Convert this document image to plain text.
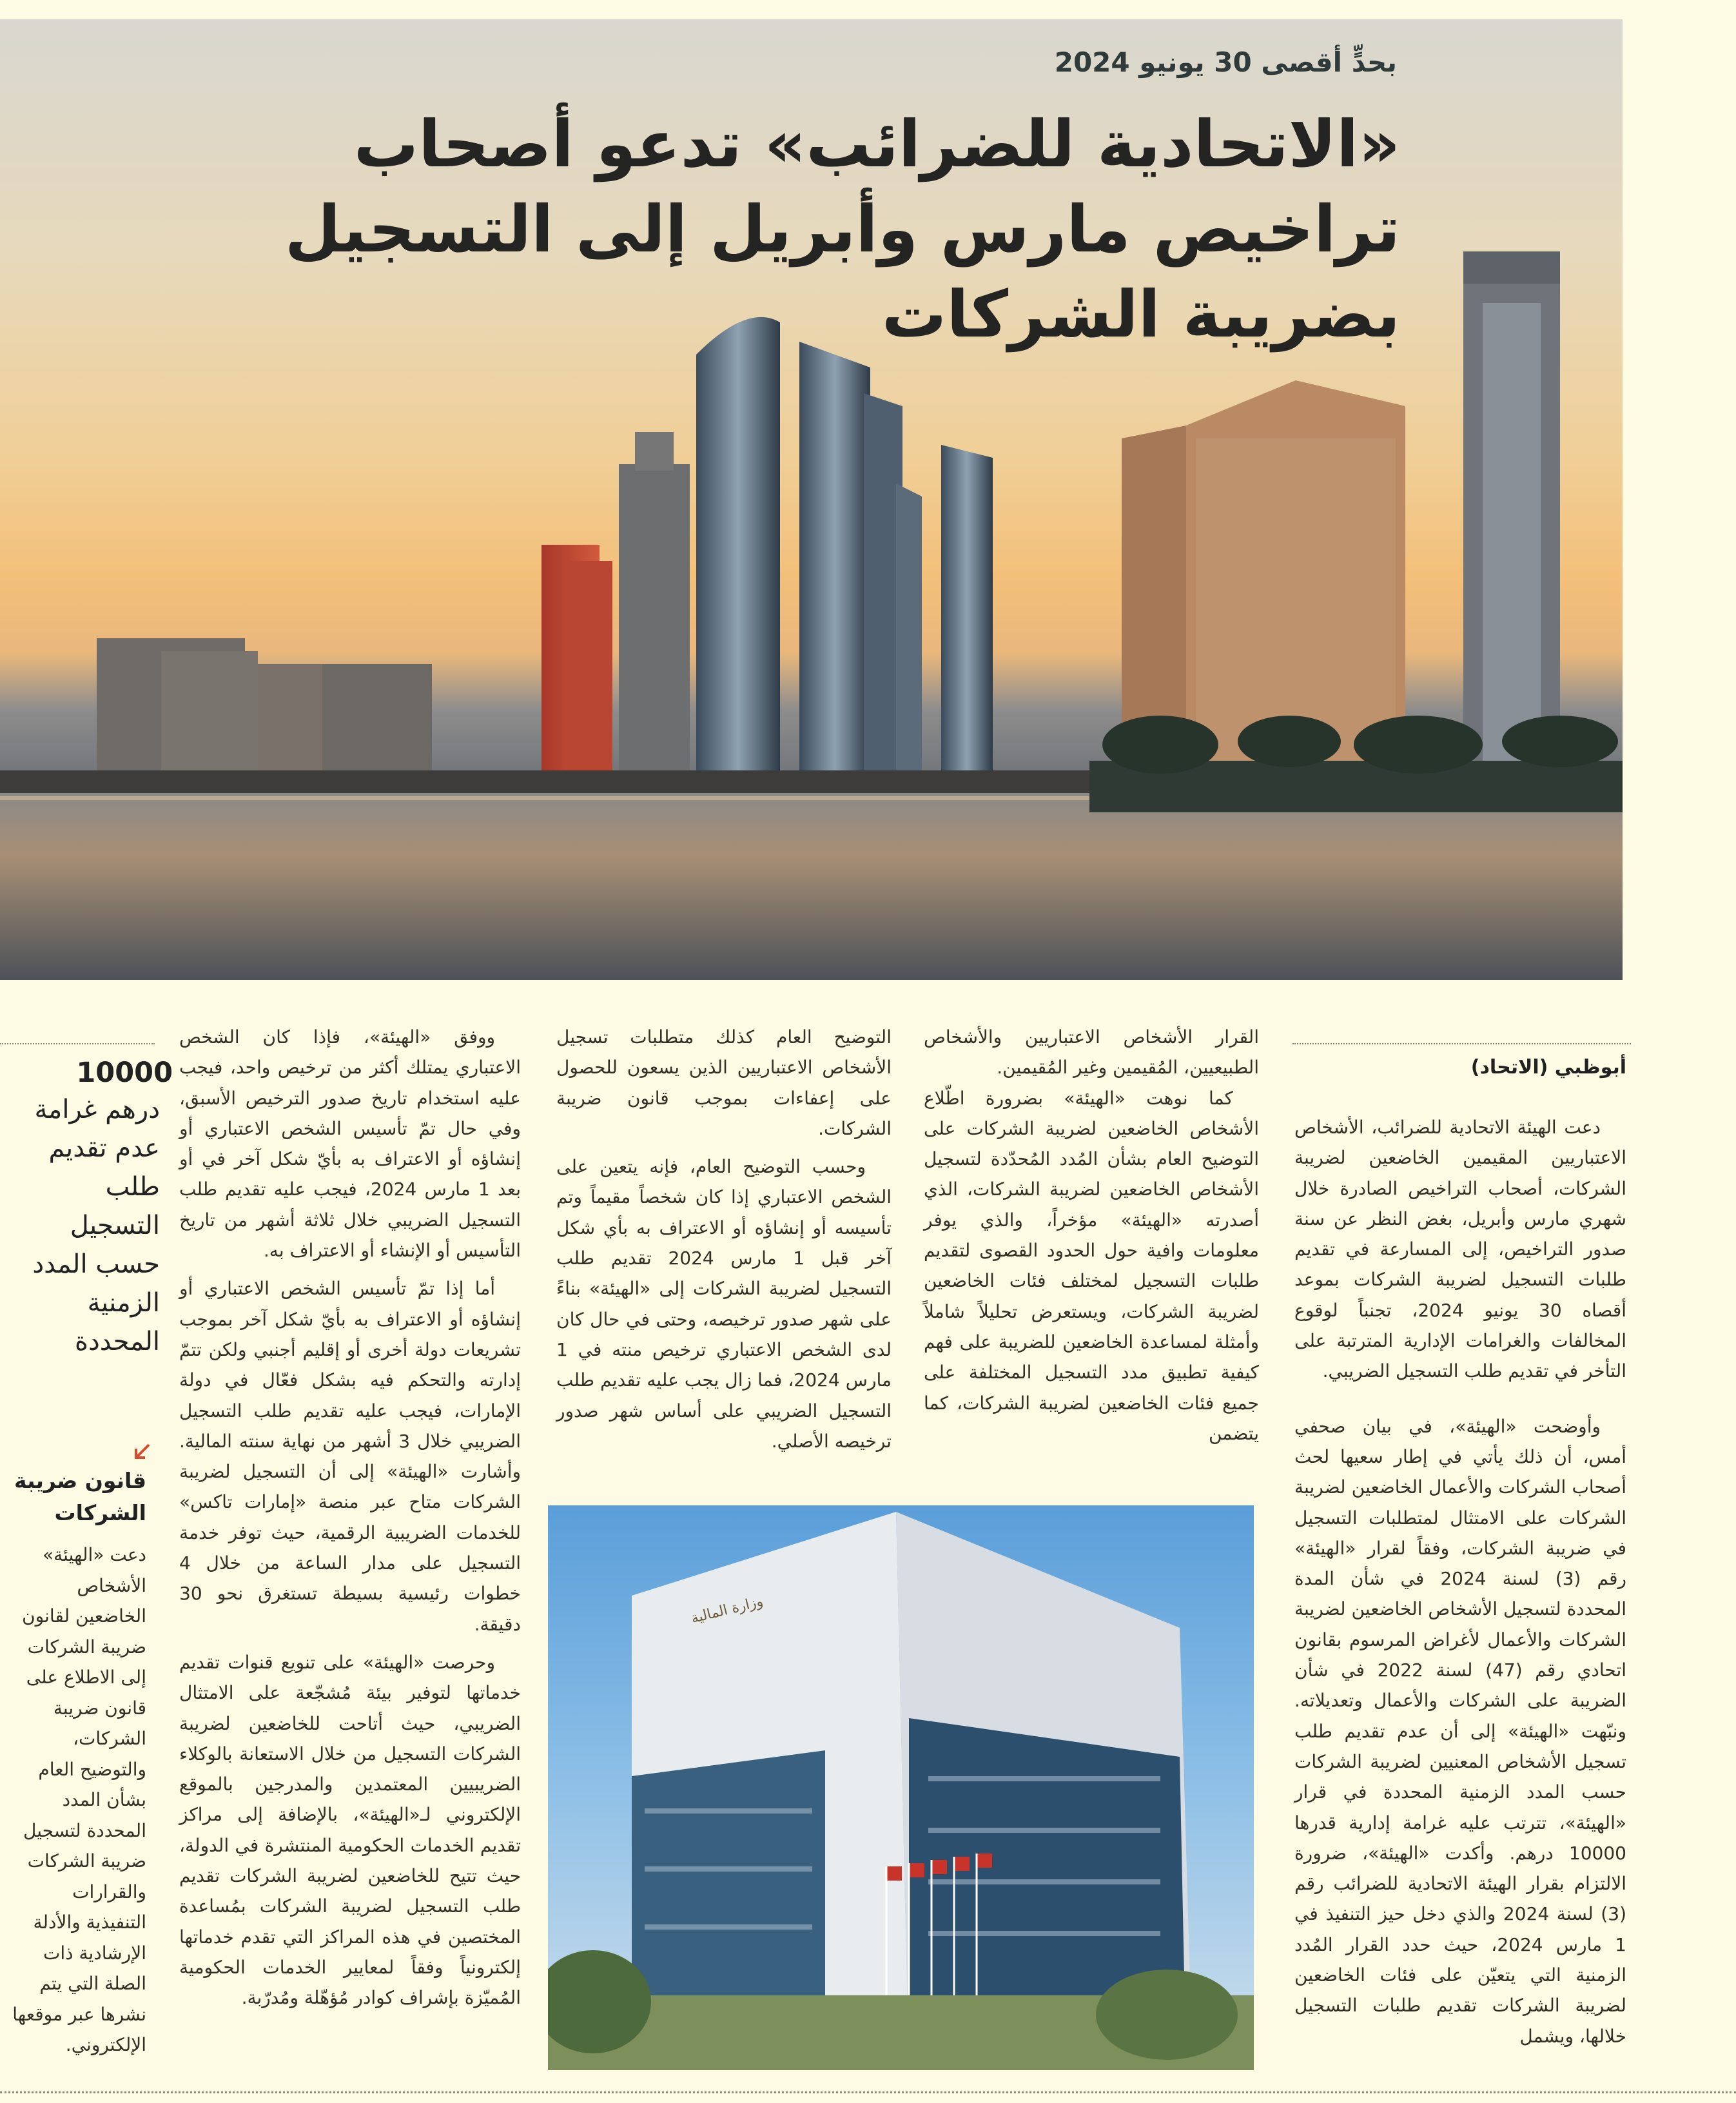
بحدٍّ أقصى 30 يونيو 2024
«الاتحادية للضرائب» تدعو أصحاب تراخيص مارس وأبريل إلى التسجيل بضريبة الشركات
أبوظبي (الاتحاد)

دعت الهيئة الاتحادية للضرائب، الأشخاص الاعتباريين المقيمين الخاضعين لضريبة الشركات، أصحاب التراخيص الصادرة خلال شهري مارس وأبريل، بغض النظر عن سنة صدور التراخيص، إلى المسارعة في تقديم طلبات التسجيل لضريبة الشركات بموعد أقصاه 30 يونيو 2024، تجنباً لوقوع المخالفات والغرامات الإدارية المترتبة على التأخر في تقديم طلب التسجيل الضريبي.

وأوضحت «الهيئة»، في بيان صحفي أمس، أن ذلك يأتي في إطار سعيها لحث أصحاب الشركات والأعمال الخاضعين لضريبة الشركات على الامتثال لمتطلبات التسجيل في ضريبة الشركات، وفقاً لقرار «الهيئة» رقم (3) لسنة 2024 في شأن المدة المحددة لتسجيل الأشخاص الخاضعين لضريبة الشركات والأعمال لأغراض المرسوم بقانون اتحادي رقم (47) لسنة 2022 في شأن الضريبة على الشركات والأعمال وتعديلاته. ونبّهت «الهيئة» إلى أن عدم تقديم طلب تسجيل الأشخاص المعنيين لضريبة الشركات حسب المدد الزمنية المحددة في قرار «الهيئة»، تترتب عليه غرامة إدارية قدرها 10000 درهم. وأكدت «الهيئة»، ضرورة الالتزام بقرار الهيئة الاتحادية للضرائب رقم (3) لسنة 2024 والذي دخل حيز التنفيذ في 1 مارس 2024، حيث حدد القرار المُدد الزمنية التي يتعيّن على فئات الخاضعين لضريبة الشركات تقديم طلبات التسجيل خلالها، ويشمل

القرار الأشخاص الاعتباريين والأشخاص الطبيعيين، المُقيمين وغير المُقيمين.

كما نوهت «الهيئة» بضرورة اطّلاع الأشخاص الخاضعين لضريبة الشركات على التوضيح العام بشأن المُدد المُحدّدة لتسجيل الأشخاص الخاضعين لضريبة الشركات، الذي أصدرته «الهيئة» مؤخراً، والذي يوفر معلومات وافية حول الحدود القصوى لتقديم طلبات التسجيل لمختلف فئات الخاضعين لضريبة الشركات، ويستعرض تحليلاً شاملاً وأمثلة لمساعدة الخاضعين للضريبة على فهم كيفية تطبيق مدد التسجيل المختلفة على جميع فئات الخاضعين لضريبة الشركات، كما يتضمن

التوضيح العام كذلك متطلبات تسجيل الأشخاص الاعتباريين الذين يسعون للحصول على إعفاءات بموجب قانون ضريبة الشركات.

وحسب التوضيح العام، فإنه يتعين على الشخص الاعتباري إذا كان شخصاً مقيماً وتم تأسيسه أو إنشاؤه أو الاعتراف به بأي شكل آخر قبل 1 مارس 2024 تقديم طلب التسجيل لضريبة الشركات إلى «الهيئة» بناءً على شهر صدور ترخيصه، وحتى في حال كان لدى الشخص الاعتباري ترخيص منته في 1 مارس 2024، فما زال يجب عليه تقديم طلب التسجيل الضريبي على أساس شهر صدور ترخيصه الأصلي.

ووفق «الهيئة»، فإذا كان الشخص الاعتباري يمتلك أكثر من ترخيص واحد، فيجب عليه استخدام تاريخ صدور الترخيص الأسبق، وفي حال تمّ تأسيس الشخص الاعتباري أو إنشاؤه أو الاعتراف به بأيّ شكل آخر في أو بعد 1 مارس 2024، فيجب عليه تقديم طلب التسجيل الضريبي خلال ثلاثة أشهر من تاريخ التأسيس أو الإنشاء أو الاعتراف به.

أما إذا تمّ تأسيس الشخص الاعتباري أو إنشاؤه أو الاعتراف به بأيّ شكل آخر بموجب تشريعات دولة أخرى أو إقليم أجنبي ولكن تتمّ إدارته والتحكم فيه بشكل فعّال في دولة الإمارات، فيجب عليه تقديم طلب التسجيل الضريبي خلال 3 أشهر من نهاية سنته المالية. وأشارت «الهيئة» إلى أن التسجيل لضريبة الشركات متاح عبر منصة «إمارات تاكس» للخدمات الضريبية الرقمية، حيث توفر خدمة التسجيل على مدار الساعة من خلال 4 خطوات رئيسية بسيطة تستغرق نحو 30 دقيقة.

وحرصت «الهيئة» على تنويع قنوات تقديم خدماتها لتوفير بيئة مُشجّعة على الامتثال الضريبي، حيث أتاحت للخاضعين لضريبة الشركات التسجيل من خلال الاستعانة بالوكلاء الضريبيين المعتمدين والمدرجين بالموقع الإلكتروني لـ«الهيئة»، بالإضافة إلى مراكز تقديم الخدمات الحكومية المنتشرة في الدولة، حيث تتيح للخاضعين لضريبة الشركات تقديم طلب التسجيل لضريبة الشركات بمُساعدة المختصين في هذه المراكز التي تقدم خدماتها إلكترونياً وفقاً لمعايير الخدمات الحكومية المُميّزة بإشراف كوادر مُؤهّلة ومُدرّبة.

وزارة المالية
10000
درهم غرامة عدم تقديم طلب التسجيل حسب المدد الزمنية المحددة
قانون ضريبة الشركات
دعت «الهيئة» الأشخاص الخاضعين لقانون ضريبة الشركات إلى الاطلاع على قانون ضريبة الشركات، والتوضيح العام بشأن المدد المحددة لتسجيل ضريبة الشركات والقرارات التنفيذية والأدلة الإرشادية ذات الصلة التي يتم نشرها عبر موقعها الإلكتروني.
